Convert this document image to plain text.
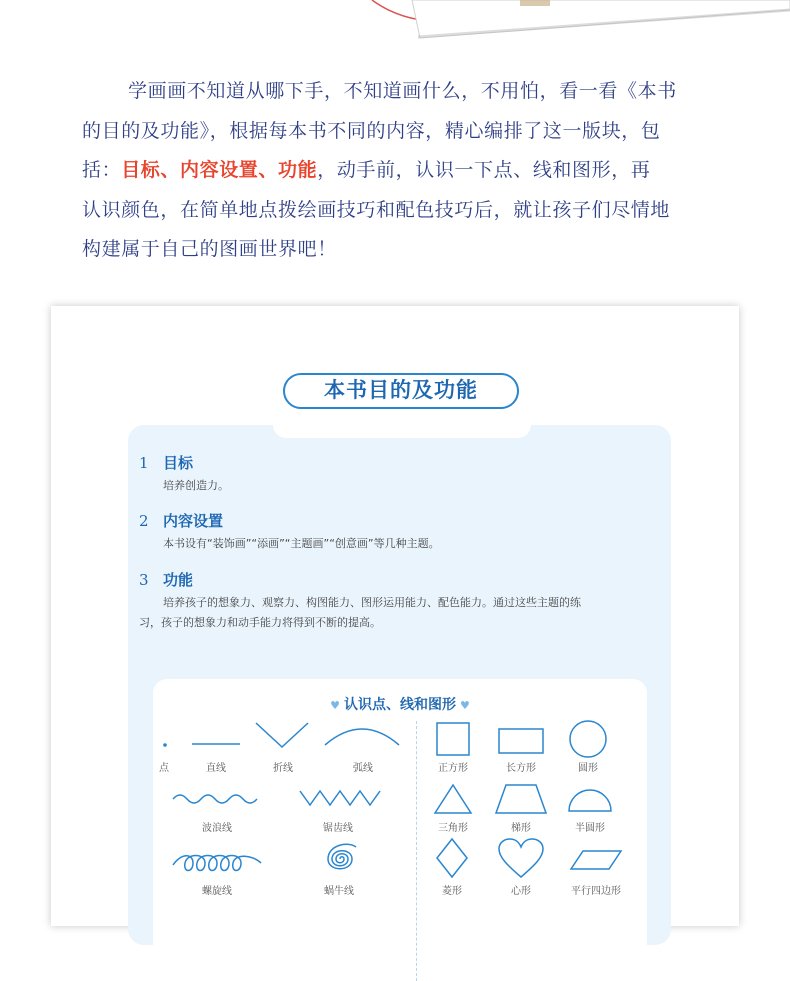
学画画不知道从哪下手，不知道画什么，不用怕，看一看《本书
的目的及功能》，根据每本书不同的内容，精心编排了这一版块，包
括：目标、内容设置、功能，动手前，认识一下点、线和图形，再
认识颜色，在简单地点拨绘画技巧和配色技巧后，就让孩子们尽情地
构建属于自己的图画世界吧！
本书目的及功能
1 目标
培养创造力。
2 内容设置
本书设有“装饰画”“添画”“主题画”“创意画”等几种主题。
3 功能
培养孩子的想象力、观察力、构图能力、图形运用能力、配色能力。通过这些主题的练
习，孩子的想象力和动手能力将得到不断的提高。
♥ 认识点、线和图形 ♥
点	直线	折线	弧线
波浪线	锯齿线
螺旋线	蜗牛线
正方形	长方形	圆形
三角形	梯形	半圆形
菱形	心形	平行四边形
